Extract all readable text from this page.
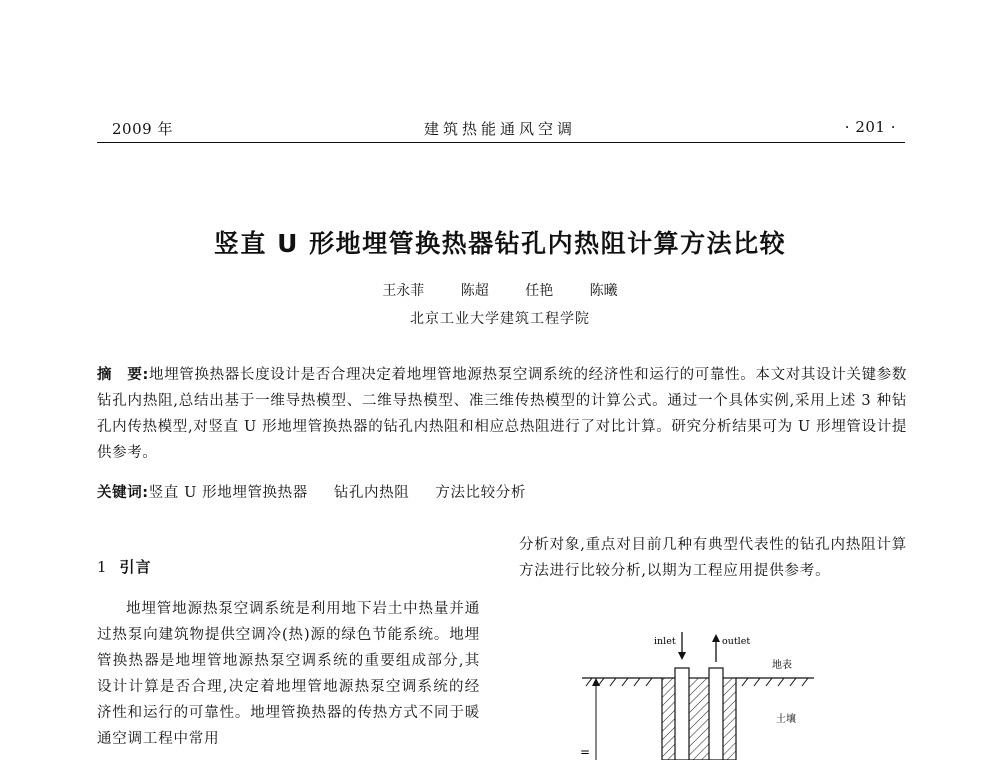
2009 年	建筑热能通风空调	· 201 ·
竖直 U 形地埋管换热器钻孔内热阻计算方法比较
王永菲	陈超	任艳	陈曦
北京工业大学建筑工程学院
摘　要:地埋管换热器长度设计是否合理决定着地埋管地源热泵空调系统的经济性和运行的可靠性。本文对其设计关键参数钻孔内热阻,总结出基于一维导热模型、二维导热模型、准三维传热模型的计算公式。通过一个具体实例,采用上述 3 种钻孔内传热模型,对竖直 U 形地埋管换热器的钻孔内热阻和相应总热阻进行了对比计算。研究分析结果可为 U 形埋管设计提供参考。
关键词:竖直 U 形地埋管换热器 钻孔内热阻 方法比较分析
1 引言
地埋管地源热泵空调系统是利用地下岩土中热量并通过热泵向建筑物提供空调冷(热)源的绿色节能系统。地埋管换热器是地埋管地源热泵空调系统的重要组成部分,其设计计算是否合理,决定着地埋管地源热泵空调系统的经济性和运行的可靠性。地埋管换热器的传热方式不同于暖通空调工程中常用
分析对象,重点对目前几种有典型代表性的钻孔内热阻计算方法进行比较分析,以期为工程应用提供参考。
inlet	outlet
地表
土壤
=
